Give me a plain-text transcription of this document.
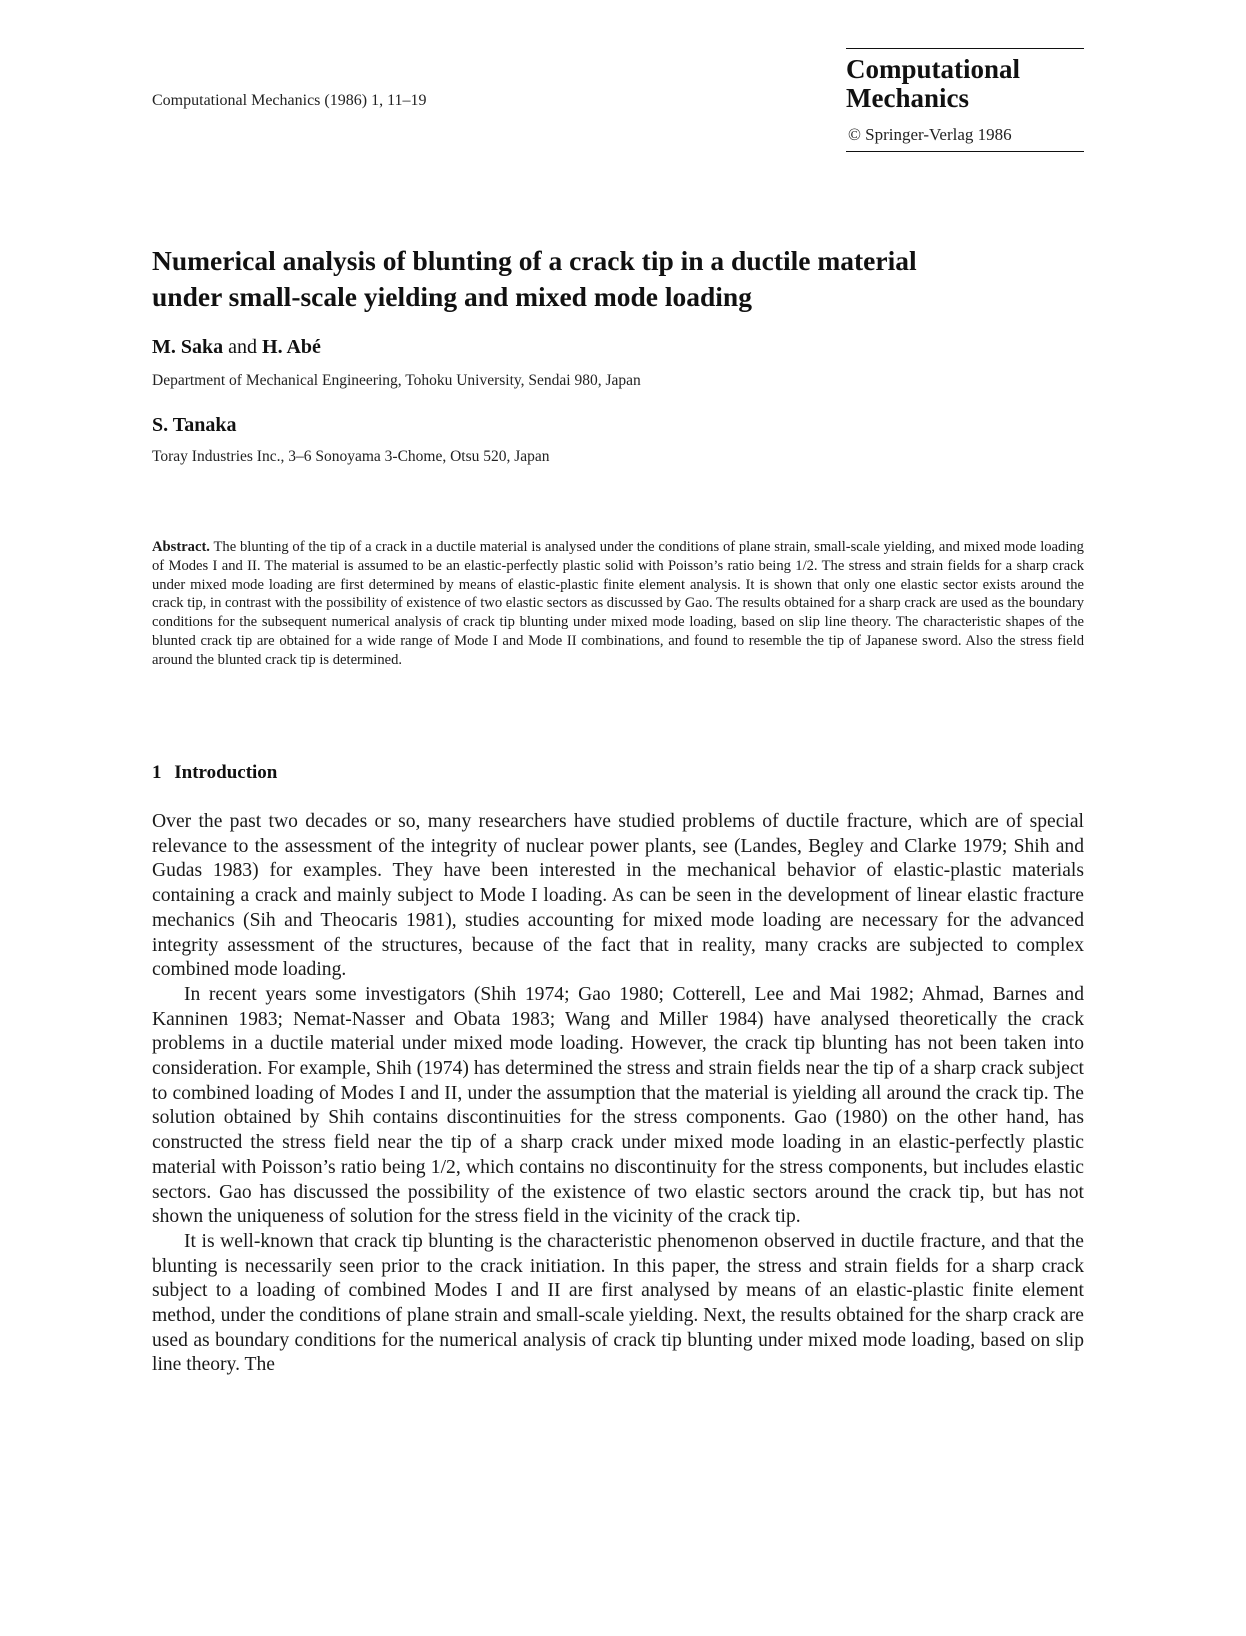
Computational Mechanics (1986) 1, 11–19
Computational
Mechanics
© Springer-Verlag 1986
Numerical analysis of blunting of a crack tip in a ductile material
under small-scale yielding and mixed mode loading
M. Saka and H. Abé
Department of Mechanical Engineering, Tohoku University, Sendai 980, Japan
S. Tanaka
Toray Industries Inc., 3–6 Sonoyama 3-Chome, Otsu 520, Japan
Abstract. The blunting of the tip of a crack in a ductile material is analysed under the conditions of plane strain, small-scale yielding, and mixed mode loading of Modes I and II. The material is assumed to be an elastic-perfectly plastic solid with Poisson’s ratio being 1/2. The stress and strain fields for a sharp crack under mixed mode loading are first determined by means of elastic-plastic finite element analysis. It is shown that only one elastic sector exists around the crack tip, in contrast with the possibility of existence of two elastic sectors as discussed by Gao. The results obtained for a sharp crack are used as the boundary conditions for the subsequent numerical analysis of crack tip blunting under mixed mode loading, based on slip line theory. The characteristic shapes of the blunted crack tip are obtained for a wide range of Mode I and Mode II combinations, and found to resemble the tip of Japanese sword. Also the stress field around the blunted crack tip is determined.
1 Introduction

Over the past two decades or so, many researchers have studied problems of ductile fracture, which are of special relevance to the assessment of the integrity of nuclear power plants, see (Landes, Begley and Clarke 1979; Shih and Gudas 1983) for examples. They have been interested in the mechanical behavior of elastic-plastic materials containing a crack and mainly subject to Mode I loading. As can be seen in the development of linear elastic fracture mechanics (Sih and Theocaris 1981), studies accounting for mixed mode loading are necessary for the advanced integrity assessment of the structures, because of the fact that in reality, many cracks are subjected to complex combined mode loading.

In recent years some investigators (Shih 1974; Gao 1980; Cotterell, Lee and Mai 1982; Ahmad, Barnes and Kanninen 1983; Nemat-Nasser and Obata 1983; Wang and Miller 1984) have analysed theoretically the crack problems in a ductile material under mixed mode loading. However, the crack tip blunting has not been taken into consideration. For example, Shih (1974) has determined the stress and strain fields near the tip of a sharp crack subject to combined loading of Modes I and II, under the assumption that the material is yielding all around the crack tip. The solution obtained by Shih contains discontinuities for the stress components. Gao (1980) on the other hand, has constructed the stress field near the tip of a sharp crack under mixed mode loading in an elastic-perfectly plastic material with Poisson’s ratio being 1/2, which contains no discontinuity for the stress components, but includes elastic sectors. Gao has discussed the possibility of the existence of two elastic sectors around the crack tip, but has not shown the uniqueness of solution for the stress field in the vicinity of the crack tip.

It is well-known that crack tip blunting is the characteristic phenomenon observed in ductile fracture, and that the blunting is necessarily seen prior to the crack initiation. In this paper, the stress and strain fields for a sharp crack subject to a loading of combined Modes I and II are first analysed by means of an elastic-plastic finite element method, under the conditions of plane strain and small-scale yielding. Next, the results obtained for the sharp crack are used as boundary conditions for the numerical analysis of crack tip blunting under mixed mode loading, based on slip line theory. The
